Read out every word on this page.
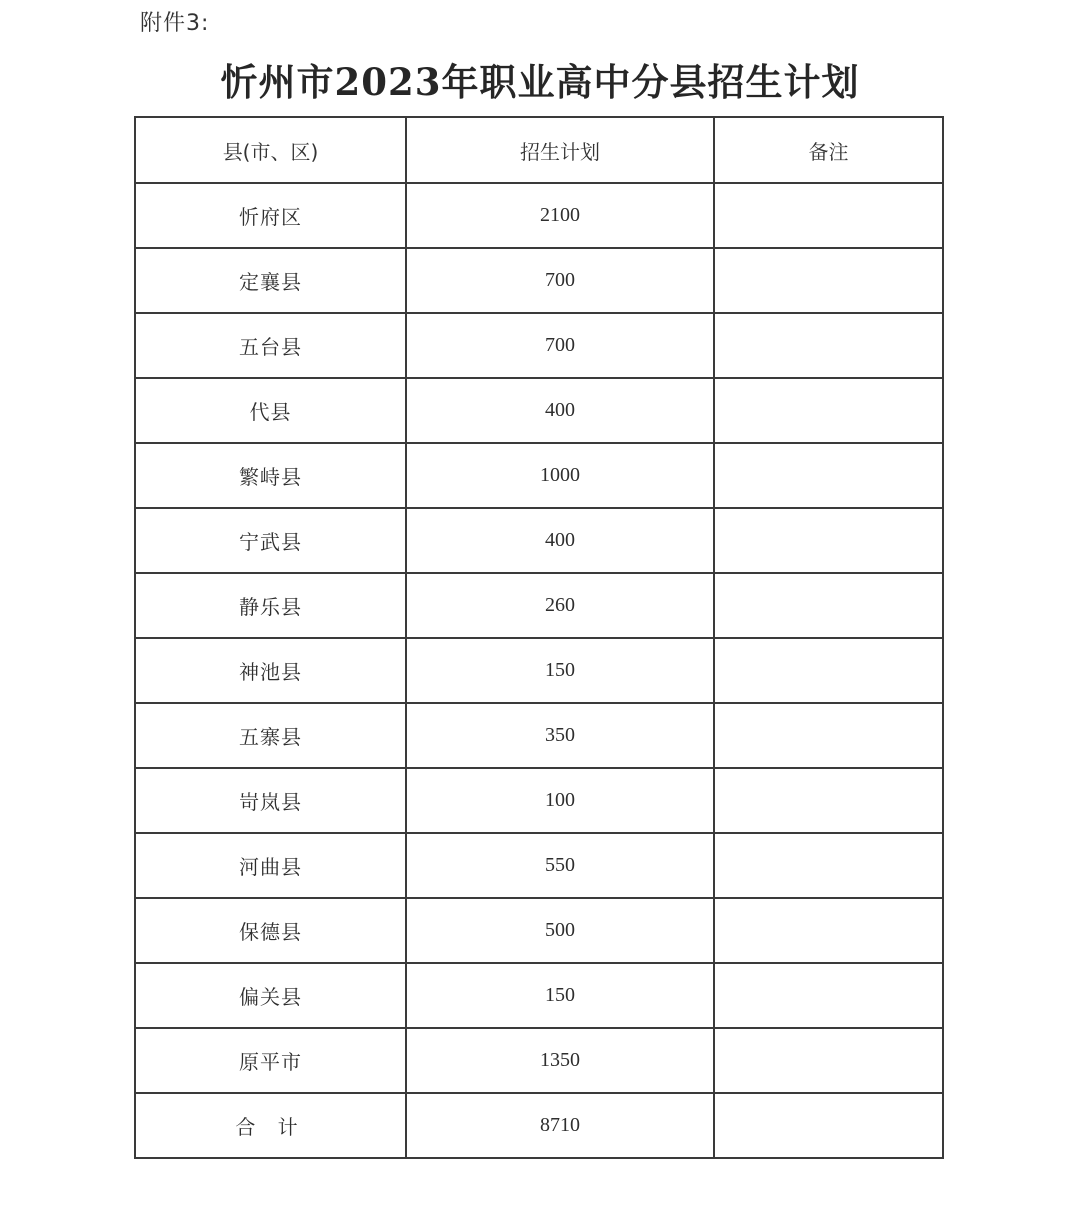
附件3:
忻州市2023年职业高中分县招生计划
县(市、区)	招生计划	备注
忻府区	2100	
定襄县	700	
五台县	700	
代县	400	
繁峙县	1000	
宁武县	400	
静乐县	260	
神池县	150	
五寨县	350	
岢岚县	100	
河曲县	550	
保德县	500	
偏关县	150	
原平市	1350	
合 计	8710	
